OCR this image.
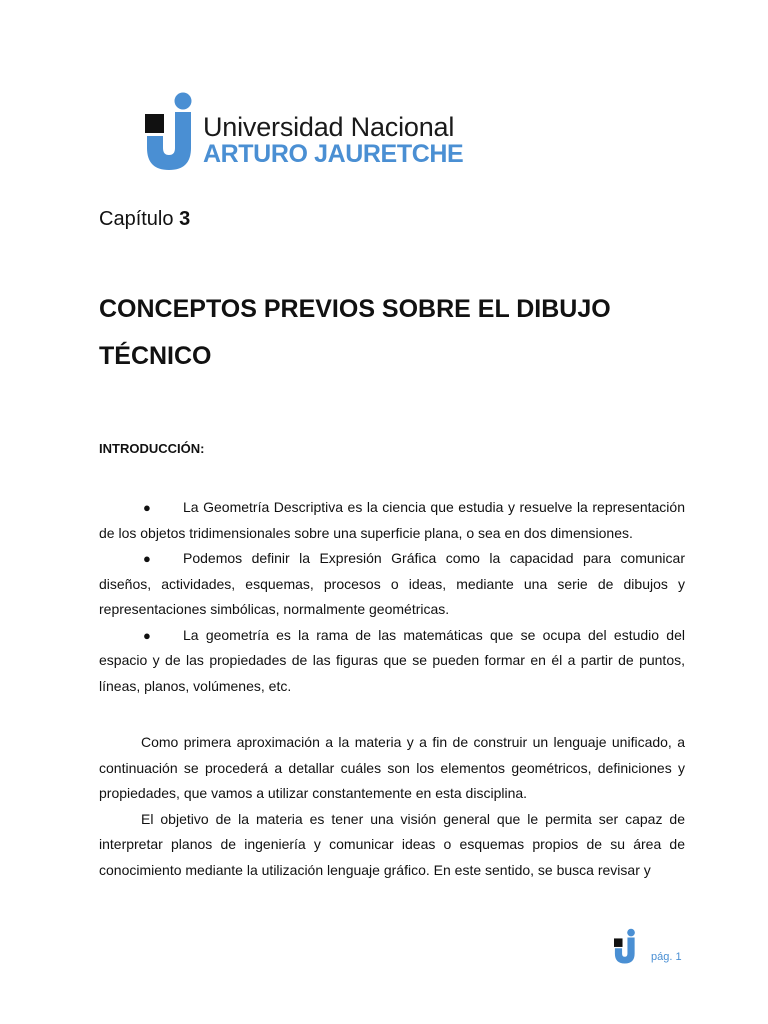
Universidad Nacional
ARTURO JAURETCHE
Capítulo 3
CONCEPTOS PREVIOS SOBRE EL DIBUJO TÉCNICO
INTRODUCCIÓN:
● La Geometría Descriptiva es la ciencia que estudia y resuelve la representación de los objetos tridimensionales sobre una superficie plana, o sea en dos dimensiones.
● Podemos definir la Expresión Gráfica como la capacidad para comunicar diseños, actividades, esquemas, procesos o ideas, mediante una serie de dibujos y representaciones simbólicas, normalmente geométricas.
● La geometría es la rama de las matemáticas que se ocupa del estudio del espacio y de las propiedades de las figuras que se pueden formar en él a partir de puntos, líneas, planos, volúmenes, etc.

Como primera aproximación a la materia y a fin de construir un lenguaje unificado, a continuación se procederá a detallar cuáles son los elementos geométricos, definiciones y propiedades, que vamos a utilizar constantemente en esta disciplina.

El objetivo de la materia es tener una visión general que le permita ser capaz de interpretar planos de ingeniería y comunicar ideas o esquemas propios de su área de conocimiento mediante la utilización lenguaje gráfico. En este sentido, se busca revisar y

pág. 1
